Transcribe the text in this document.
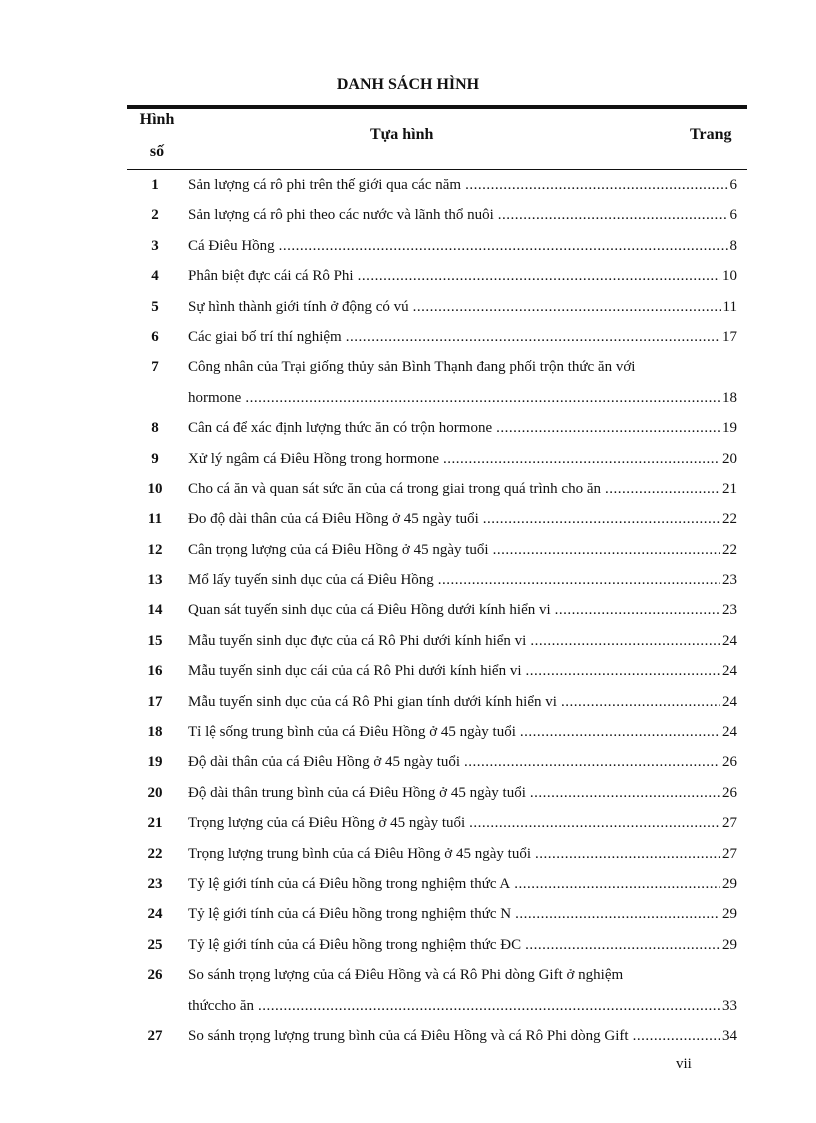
DANH SÁCH HÌNH
Hình
số
Tựa hình	Trang
1	Sản lượng cá rô phi trên thế giới qua các năm .....	6
2	Sản lượng cá rô phi theo các nước và lãnh thổ nuôi .....	6
3	Cá Điêu Hồng .....	8
4	Phân biệt đực cái cá Rô Phi .....	10
5	Sự hình thành giới tính ở động có vú .....	11
6	Các giai bố trí thí nghiệm .....	17
7	Công nhân của Trại giống thủy sản Bình Thạnh đang phối trộn thức ăn với
hormone .....	18
8	Cân cá để xác định lượng thức ăn có trộn hormone .....	19
9	Xử lý ngâm cá Điêu Hồng trong hormone .....	20
10	Cho cá ăn và quan sát sức ăn của cá trong giai trong quá trình cho ăn .....	21
11	Đo độ dài thân của cá Điêu Hồng ở 45 ngày tuổi .....	22
12	Cân trọng lượng của cá Điêu Hồng ở 45 ngày tuổi .....	22
13	Mổ lấy tuyến sinh dục của cá Điêu Hồng .....	23
14	Quan sát tuyến sinh dục của cá Điêu Hồng dưới kính hiển vi .....	23
15	Mẫu tuyến sinh dục đực của cá Rô Phi dưới kính hiển vi .....	24
16	Mẫu tuyến sinh dục cái của cá Rô Phi dưới kính hiển vi .....	24
17	Mẫu tuyến sinh dục của cá Rô Phi gian tính dưới kính hiển vi .....	24
18	Tỉ lệ sống trung bình của cá Điêu Hồng ở 45 ngày tuổi .....	24
19	Độ dài thân của cá Điêu Hồng ở 45 ngày tuổi .....	26
20	Độ dài thân trung bình của cá Điêu Hồng ở 45 ngày tuổi .....	26
21	Trọng lượng của cá Điêu Hồng ở 45 ngày tuổi .....	27
22	Trọng lượng trung bình của cá Điêu Hồng ở 45 ngày tuổi .....	27
23	Tỷ lệ giới tính của cá Điêu hồng trong nghiệm thức A .....	29
24	Tỷ lệ giới tính của cá Điêu hồng trong nghiệm thức N .....	29
25	Tỷ lệ giới tính của cá Điêu hồng trong nghiệm thức ĐC .....	29
26	So sánh trọng lượng của cá Điêu Hồng và cá Rô Phi dòng Gift ở nghiệm
thứccho ăn .....	33
27	So sánh trọng lượng trung bình của cá Điêu Hồng và cá Rô Phi dòng Gift .....	34
vii
